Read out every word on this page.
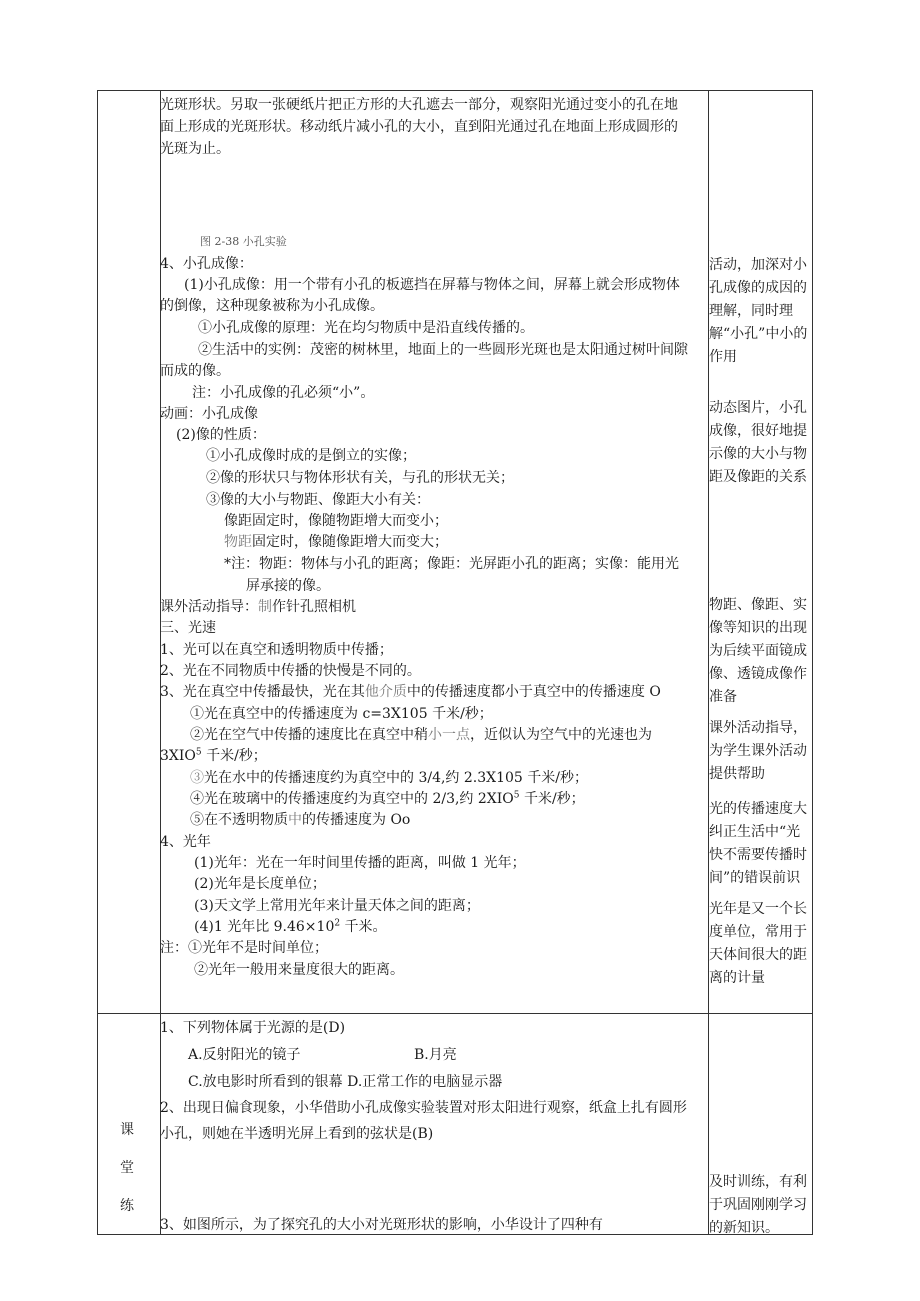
光斑形状。另取一张硬纸片把正方形的大孔遮去一部分，观察阳光通过变小的孔在地
面上形成的光斑形状。移动纸片减小孔的大小，直到阳光通过孔在地面上形成圆形的
光斑为止。
图 2-38 小孔实验
4、小孔成像：
(1)小孔成像：用一个带有小孔的板遮挡在屏幕与物体之间，屏幕上就会形成物体
的倒像，这种现象被称为小孔成像。
①小孔成像的原理：光在均匀物质中是沿直线传播的。
②生活中的实例：茂密的树林里，地面上的一些圆形光斑也是太阳通过树叶间隙
而成的像。
注：小孔成像的孔必须“小”。
动画：小孔成像
(2)像的性质：
①小孔成像时成的是倒立的实像；
②像的形状只与物体形状有关，与孔的形状无关；
③像的大小与物距、像距大小有关：
像距固定时，像随物距增大而变小；
物距固定时，像随像距增大而变大；
*注：物距：物体与小孔的距离；像距：光屏距小孔的距离；实像：能用光
屏承接的像。
课外活动指导：制作针孔照相机
三、光速
1、光可以在真空和透明物质中传播；
2、光在不同物质中传播的快慢是不同的。
3、光在真空中传播最快，光在其他介质中的传播速度都小于真空中的传播速度 O
①光在真空中的传播速度为 c=3X105 千米/秒；
②光在空气中传播的速度比在真空中稍小一点，近似认为空气中的光速也为
3XIO$^5$ 千米/秒；
③光在水中的传播速度约为真空中的 3/4,约 2.3X105 千米/秒；
④光在玻璃中的传播速度约为真空中的 2/3,约 2XIO$^5$ 千米/秒；
⑤在不透明物质中的传播速度为 Oo
4、光年
(1)光年：光在一年时间里传播的距离，叫做 1 光年；
(2)光年是长度单位；
(3)天文学上常用光年来计量天体之间的距离；
(4)1 光年比 $9.46\times 10^2$ 千米。
注：①光年不是时间单位；
②光年一般用来量度很大的距离。
活动，加深对小孔成像的成因的理解，同时理解“小孔”中小的作用
动态图片，小孔成像，很好地提示像的大小与物距及像距的关系
物距、像距、实像等知识的出现为后续平面镜成像、透镜成像作准备
课外活动指导，为学生课外活动提供帮助
光的传播速度大纠正生活中“光快不需要传播时间”的错误前识
光年是又一个长度单位，常用于天体间很大的距离的计量
及时训练，有利于巩固刚刚学习的新知识。
课
堂
练
1、下列物体属于光源的是(D)
A.反射阳光的镜子	B.月亮
C.放电影时所看到的银幕 D.正常工作的电脑显示器
2、出现日偏食现象，小华借助小孔成像实验装置对形太阳进行观察，纸盒上扎有圆形
小孔，则她在半透明光屏上看到的弦状是(B)
3、如图所示，为了探究孔的大小对光斑形状的影响，小华设计了四种有
